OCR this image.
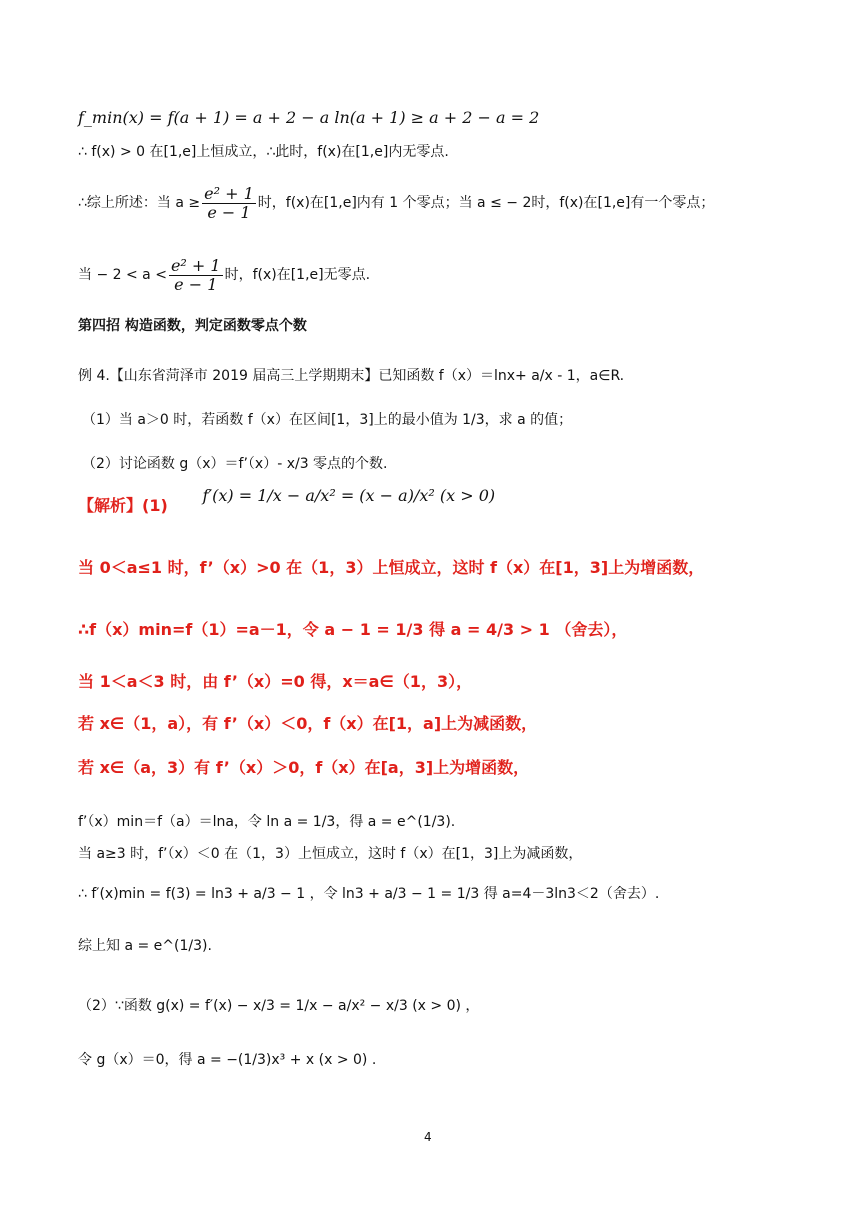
f_min(x) = f(a + 1) = a + 2 − a ln(a + 1) ≥ a + 2 − a = 2
∴ f(x) > 0 在[1,e]上恒成立，∴此时，f(x)在[1,e]内无零点.
∴综上所述：当 $a \ge \frac{\text{e² + 1}}{e - 1}$ 时，f(x)在[1,e]内有 1 个零点；当 a ≤ − 2时，f(x)在[1,e]有一个零点；
当 − $2 < a < \frac{\text{e² + 1}}{e - 1}$ 时，f(x)在[1,e]无零点.
第四招 构造函数，判定函数零点个数
例 4.【山东省菏泽市 2019 届高三上学期期末】已知函数 f（x）＝lnx+ a/x - 1，a∈R.
（1）当 a＞0 时，若函数 f（x）在区间[1，3]上的最小值为 1/3，求 a 的值；
（2）讨论函数 g（x）＝f’（x）- x/3 零点的个数.
【解析】(1) f′(x) = 1/x − a/x² = (x − a)/x² (x > 0)
当 0＜a≤1 时，f’（x）>0 在（1，3）上恒成立，这时 f（x）在[1，3]上为增函数，
∴f（x）min=f（1）=a－1，令 a − 1 = 1/3 得 a = 4/3 > 1 （舍去），
当 1＜a＜3 时，由 f’（x）=0 得，x＝a∈（1，3），
若 x∈（1，a），有 f’（x）＜0，f（x）在[1，a]上为减函数，
若 x∈（a，3）有 f’（x）＞0，f（x）在[a，3]上为增函数，
f’（x）min＝f（a）＝lna，令 ln a = 1/3，得 a = e^(1/3).
当 a≥3 时，f’（x）＜0 在（1，3）上恒成立，这时 f（x）在[1，3]上为减函数，
∴ f′(x)min = f(3) = ln3 + a/3 − 1 ，令 ln3 + a/3 − 1 = 1/3 得 a=4－3ln3＜2（舍去）.
综上知 a = e^(1/3).
（2）∵函数 g(x) = f′(x) − x/3 = 1/x − a/x² − x/3 (x > 0) ，
令 g（x）＝0，得 a = −(1/3)x³ + x (x > 0) .
4
